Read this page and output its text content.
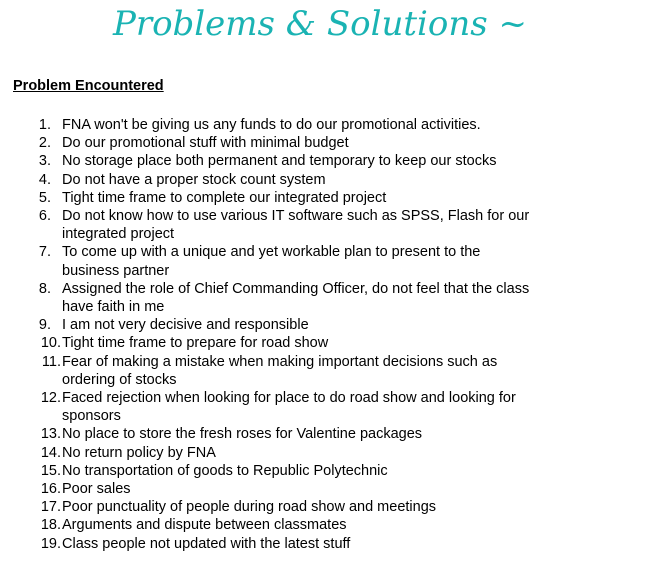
Problems & Solutions ~
Problem Encountered
1. FNA won't be giving us any funds to do our promotional activities.
2. Do our promotional stuff with minimal budget
3. No storage place both permanent and temporary to keep our stocks
4. Do not have a proper stock count system
5. Tight time frame to complete our integrated project
6. Do not know how to use various IT software such as SPSS, Flash for our
integrated project
7. To come up with a unique and yet workable plan to present to the
business partner
8. Assigned the role of Chief Commanding Officer, do not feel that the class
have faith in me
9. I am not very decisive and responsible
10. Tight time frame to prepare for road show
11. Fear of making a mistake when making important decisions such as
ordering of stocks
12. Faced rejection when looking for place to do road show and looking for
sponsors
13. No place to store the fresh roses for Valentine packages
14. No return policy by FNA
15. No transportation of goods to Republic Polytechnic
16. Poor sales
17. Poor punctuality of people during road show and meetings
18. Arguments and dispute between classmates
19. Class people not updated with the latest stuff
